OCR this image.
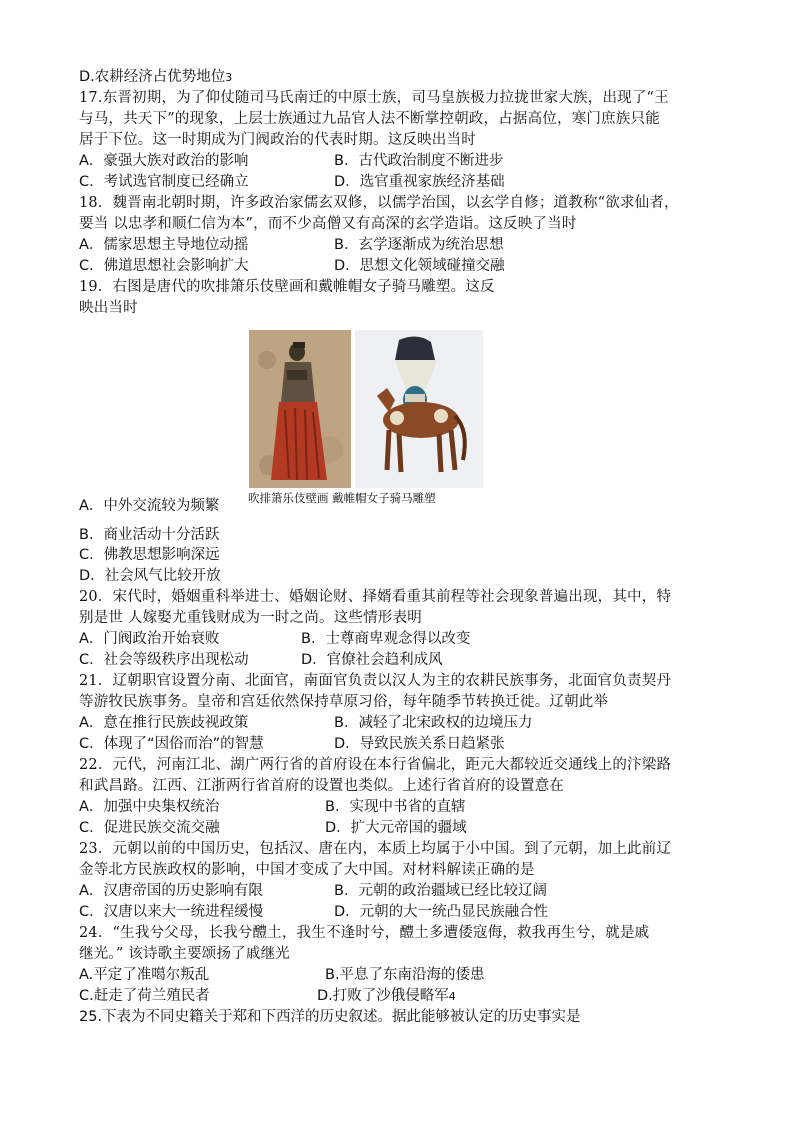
D.农耕经济占优势地位3
17.东晋初期，为了仰仗随司马氏南迁的中原士族，司马皇族极力拉拢世家大族，出现了“王
与马，共天下”的现象，上层士族通过九品官人法不断掌控朝政，占据高位，寒门庶族只能
居于下位。这一时期成为门阀政治的代表时期。这反映出当时
A．豪强大族对政治的影响	B．古代政治制度不断进步
C．考试选官制度已经确立	D．选官重视家族经济基础
18．魏晋南北朝时期，许多政治家儒玄双修，以儒学治国，以玄学自修；道教称“欲求仙者，
要当 以忠孝和顺仁信为本”，而不少高僧又有高深的玄学造诣。这反映了当时
A．儒家思想主导地位动摇	B．玄学逐渐成为统治思想
C．佛道思想社会影响扩大	D．思想文化领域碰撞交融
19．右图是唐代的吹排箫乐伎壁画和戴帷帽女子骑马雕塑。这反
映出当时
吹排箫乐伎壁画 戴帷帽女子骑马雕塑
A．中外交流较为频繁
B．商业活动十分活跃
C．佛教思想影响深远
D．社会风气比较开放
20．宋代时，婚姻重科举进士、婚姻论财、择婿看重其前程等社会现象普遍出现，其中，特
别是世 人嫁娶尤重钱财成为一时之尚。这些情形表明
A．门阀政治开始衰败	B．士尊商卑观念得以改变
C．社会等级秩序出现松动	D．官僚社会趋利成风
21．辽朝职官设置分南、北面官，南面官负责以汉人为主的农耕民族事务，北面官负责契丹
等游牧民族事务。皇帝和宫廷依然保持草原习俗，每年随季节转换迁徙。辽朝此举
A．意在推行民族歧视政策	B．减轻了北宋政权的边境压力
C．体现了“因俗而治”的智慧	D．导致民族关系日趋紧张
22．元代，河南江北、湖广两行省的首府设在本行省偏北，距元大都较近交通线上的汴梁路
和武昌路。江西、江浙两行省首府的设置也类似。上述行省首府的设置意在
A．加强中央集权统治	B．实现中书省的直辖
C．促进民族交流交融	D．扩大元帝国的疆域
23．元朝以前的中国历史，包括汉、唐在内，本质上均属于小中国。到了元朝，加上此前辽
金等北方民族政权的影响，中国才变成了大中国。对材料解读正确的是
A．汉唐帝国的历史影响有限	B．元朝的政治疆域已经比较辽阔
C．汉唐以来大一统进程缓慢	D．元朝的大一统凸显民族融合性
24．“生我兮父母，长我兮醴土，我生不逢时兮，醴土多遭倭寇侮，救我再生兮，就是戚
继光。” 该诗歌主要颂扬了戚继光
A.平定了准噶尔叛乱	B.平息了东南沿海的倭患
C.赶走了荷兰殖民者	D.打败了沙俄侵略军4
25.下表为不同史籍关于郑和下西洋的历史叙述。据此能够被认定的历史事实是
